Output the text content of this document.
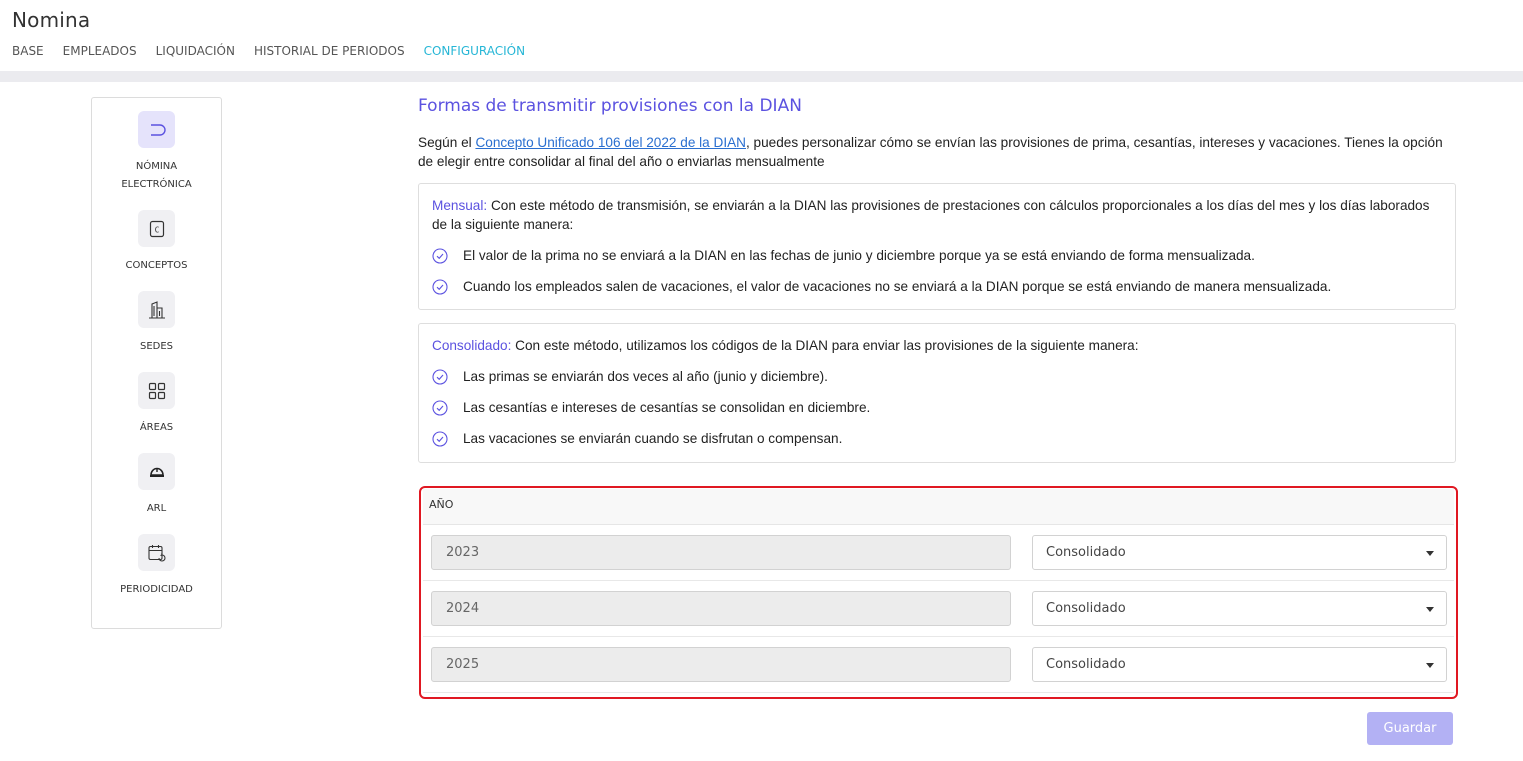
Nomina
BASE EMPLEADOS LIQUIDACIÓN HISTORIAL DE PERIODOS CONFIGURACIÓN
NÓMINA ELECTRÓNICA
C
CONCEPTOS
SEDES
ÁREAS
ARL
PERIODICIDAD
Formas de transmitir provisiones con la DIAN
Según el Concepto Unificado 106 del 2022 de la DIAN, puedes personalizar cómo se envían las provisiones de prima, cesantías, intereses y vacaciones. Tienes la opción de elegir entre consolidar al final del año o enviarlas mensualmente
Mensual: Con este método de transmisión, se enviarán a la DIAN las provisiones de prestaciones con cálculos proporcionales a los días del mes y los días laborados de la siguiente manera:
El valor de la prima no se enviará a la DIAN en las fechas de junio y diciembre porque ya se está enviando de forma mensualizada.
Cuando los empleados salen de vacaciones, el valor de vacaciones no se enviará a la DIAN porque se está enviando de manera mensualizada.
Consolidado: Con este método, utilizamos los códigos de la DIAN para enviar las provisiones de la siguiente manera:
Las primas se enviarán dos veces al año (junio y diciembre).
Las cesantías e intereses de cesantías se consolidan en diciembre.
Las vacaciones se enviarán cuando se disfrutan o compensan.
AÑO
2023	Consolidado
2024	Consolidado
2025	Consolidado
Guardar
